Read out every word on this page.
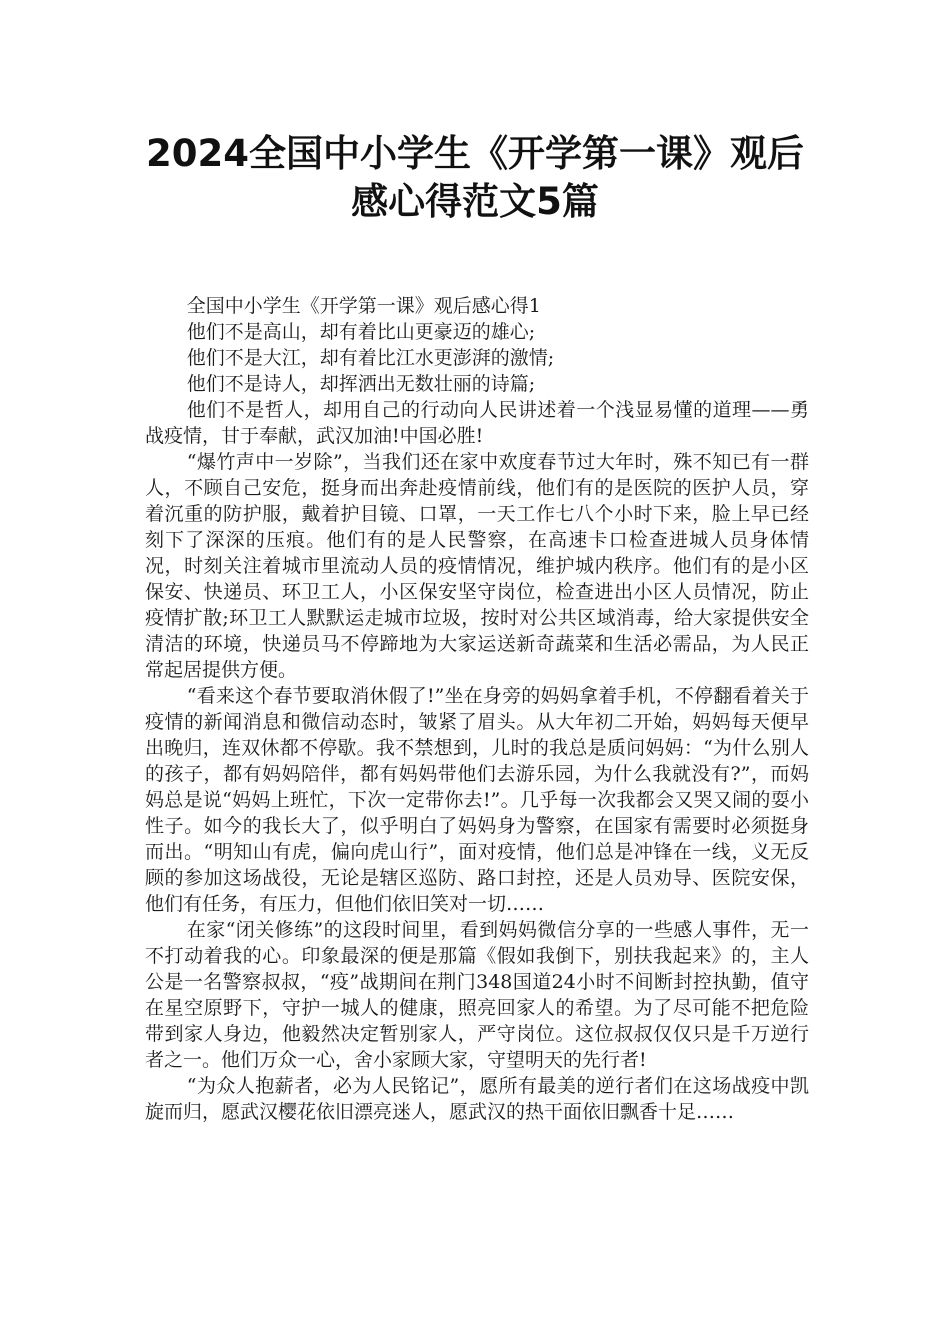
2024全国中小学生《开学第一课》观后
感心得范文5篇

全国中小学生《开学第一课》观后感心得1

他们不是高山，却有着比山更豪迈的雄心;

他们不是大江，却有着比江水更澎湃的激情;

他们不是诗人，却挥洒出无数壮丽的诗篇;

他们不是哲人，却用自己的行动向人民讲述着一个浅显易懂的道理——勇战疫情，甘于奉献，武汉加油!中国必胜!

“爆竹声中一岁除”，当我们还在家中欢度春节过大年时，殊不知已有一群人，不顾自己安危，挺身而出奔赴疫情前线，他们有的是医院的医护人员，穿着沉重的防护服，戴着护目镜、口罩，一天工作七八个小时下来，脸上早已经刻下了深深的压痕。他们有的是人民警察，在高速卡口检查进城人员身体情况，时刻关注着城市里流动人员的疫情情况，维护城内秩序。他们有的是小区保安、快递员、环卫工人，小区保安坚守岗位，检查进出小区人员情况，防止疫情扩散;环卫工人默默运走城市垃圾，按时对公共区域消毒，给大家提供安全清洁的环境，快递员马不停蹄地为大家运送新奇蔬菜和生活必需品，为人民正常起居提供方便。

“看来这个春节要取消休假了!”坐在身旁的妈妈拿着手机，不停翻看着关于疫情的新闻消息和微信动态时，皱紧了眉头。从大年初二开始，妈妈每天便早出晚归，连双休都不停歇。我不禁想到，儿时的我总是质问妈妈：“为什么别人的孩子，都有妈妈陪伴，都有妈妈带他们去游乐园，为什么我就没有?”，而妈妈总是说“妈妈上班忙，下次一定带你去!”。几乎每一次我都会又哭又闹的耍小性子。如今的我长大了，似乎明白了妈妈身为警察，在国家有需要时必须挺身而出。“明知山有虎，偏向虎山行”，面对疫情，他们总是冲锋在一线，义无反顾的参加这场战役，无论是辖区巡防、路口封控，还是人员劝导、医院安保，他们有任务，有压力，但他们依旧笑对一切……

在家“闭关修练”的这段时间里，看到妈妈微信分享的一些感人事件，无一不打动着我的心。印象最深的便是那篇《假如我倒下，别扶我起来》的，主人公是一名警察叔叔，“疫”战期间在荆门348国道24小时不间断封控执勤，值守在星空原野下，守护一城人的健康，照亮回家人的希望。为了尽可能不把危险带到家人身边，他毅然决定暂别家人，严守岗位。这位叔叔仅仅只是千万逆行者之一。他们万众一心，舍小家顾大家，守望明天的先行者!

“为众人抱薪者，必为人民铭记”，愿所有最美的逆行者们在这场战疫中凯旋而归，愿武汉樱花依旧漂亮迷人，愿武汉的热干面依旧飘香十足……
